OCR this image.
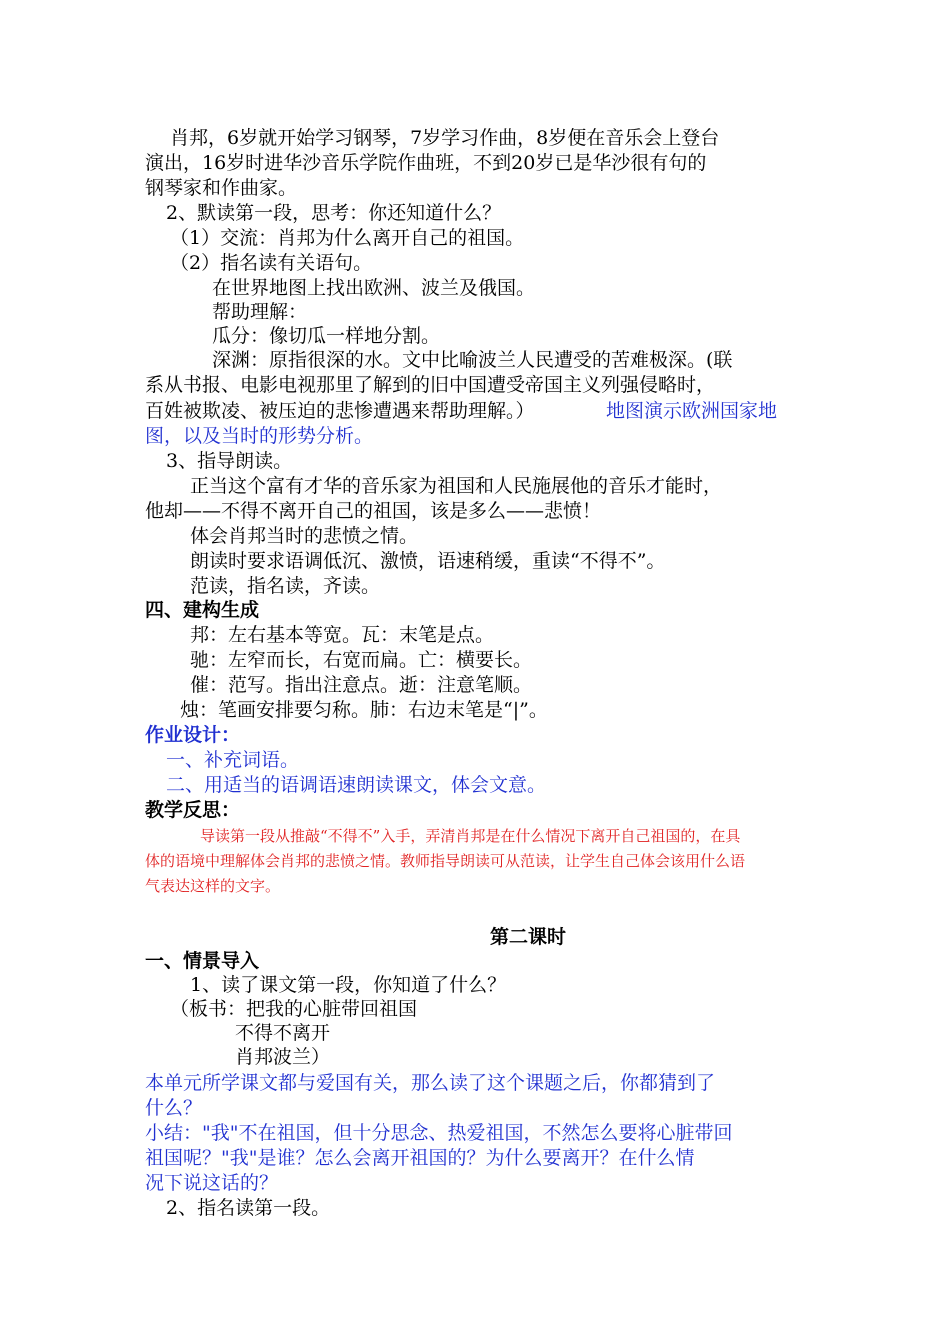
肖邦，6岁就开始学习钢琴，7岁学习作曲，8岁便在音乐会上登台

演出，16岁时进华沙音乐学院作曲班，不到20岁已是华沙很有句的

钢琴家和作曲家。

2、默读第一段，思考：你还知道什么？

（1）交流：肖邦为什么离开自己的祖国。

（2）指名读有关语句。

在世界地图上找出欧洲、波兰及俄国。

帮助理解：

瓜分：像切瓜一样地分割。

深渊：原指很深的水。文中比喻波兰人民遭受的苦难极深。(联

系从书报、电影电视那里了解到的旧中国遭受帝国主义列强侵略时，

百姓被欺凌、被压迫的悲惨遭遇来帮助理解。）	地图演示欧洲国家地

图，以及当时的形势分析。

3、指导朗读。

正当这个富有才华的音乐家为祖国和人民施展他的音乐才能时，

他却——不得不离开自己的祖国，该是多么——悲愤！

体会肖邦当时的悲愤之情。

朗读时要求语调低沉、激愤，语速稍缓，重读“不得不”。

范读，指名读，齐读。

四、建构生成

邦：左右基本等宽。瓦：末笔是点。

驰：左窄而长，右宽而扁。亡：横要长。

催：范写。指出注意点。逝：注意笔顺。

烛：笔画安排要匀称。肺：右边末笔是“|”。

作业设计：

一、补充词语。

二、用适当的语调语速朗读课文，体会文意。

教学反思：

导读第一段从推敲“不得不”入手，弄清肖邦是在什么情况下离开自己祖国的，在具

体的语境中理解体会肖邦的悲愤之情。教师指导朗读可从范读，让学生自己体会该用什么语

气表达这样的文字。

第二课时

一、情景导入

1、读了课文第一段，你知道了什么？

（板书：把我的心脏带回祖国

不得不离开

肖邦波兰）

本单元所学课文都与爱国有关，那么读了这个课题之后，你都猜到了

什么？

小结："我"不在祖国，但十分思念、热爱祖国，不然怎么要将心脏带回

祖国呢？"我"是谁？怎么会离开祖国的？为什么要离开？在什么情

况下说这话的？

2、指名读第一段。
